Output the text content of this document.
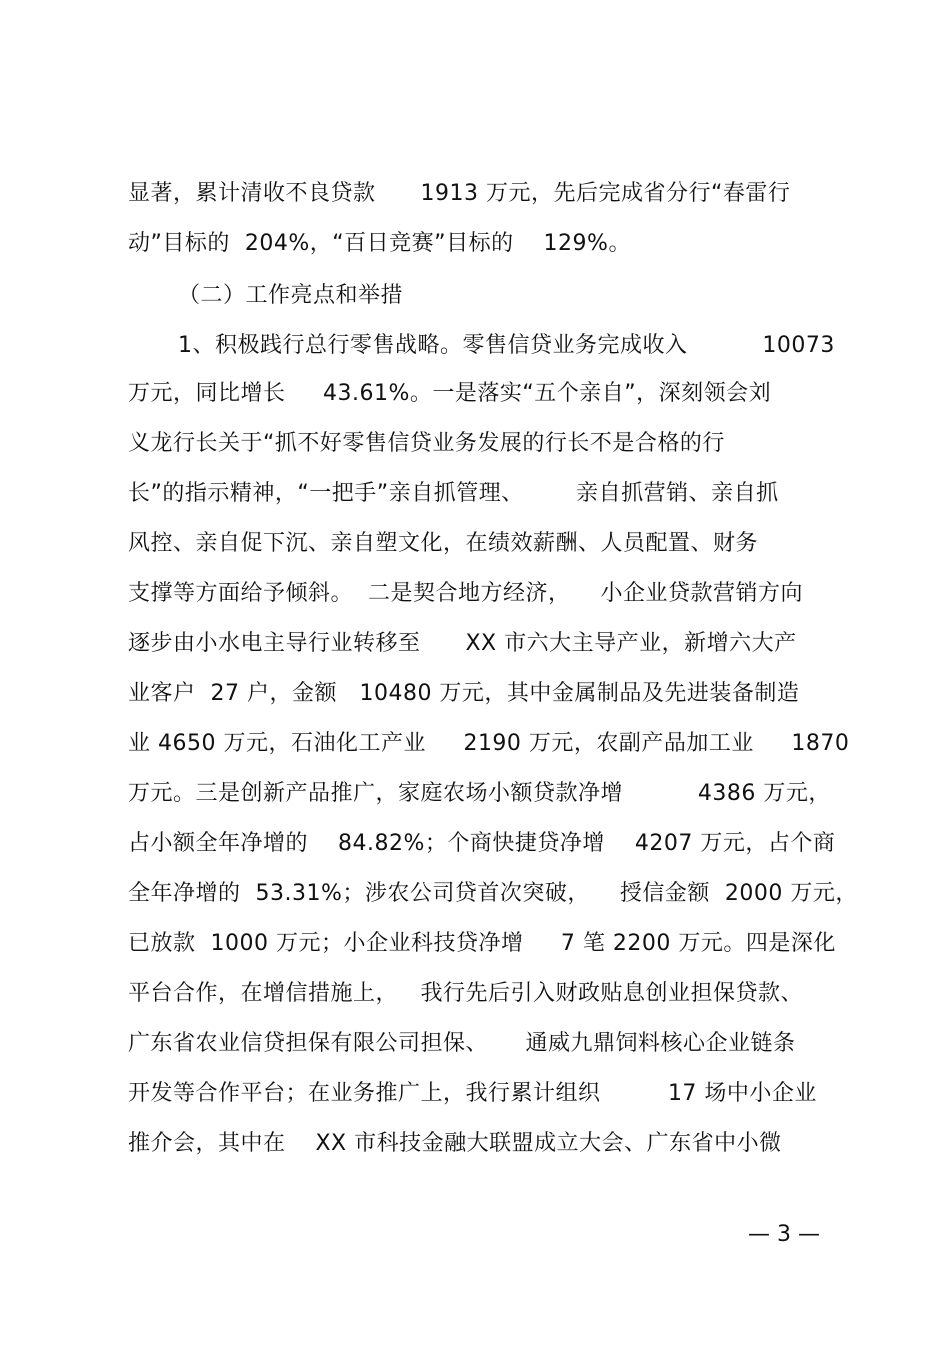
显著，累计清收不良贷款      1913 万元，先后完成省分行“春雷行
动”目标的  204%，“百日竞赛”目标的    129%。
（二）工作亮点和举措
1、积极践行总行零售战略。零售信贷业务完成收入          10073
万元，同比增长     43.61%。一是落实“五个亲自”，深刻领会刘
义龙行长关于“抓不好零售信贷业务发展的行长不是合格的行
长”的指示精神，“一把手”亲自抓管理、       亲自抓营销、亲自抓
风控、亲自促下沉、亲自塑文化，在绩效薪酬、人员配置、财务
支撑等方面给予倾斜。  二是契合地方经济，    小企业贷款营销方向
逐步由小水电主导行业转移至      XX 市六大主导产业，新增六大产
业客户  27 户，金额   10480 万元，其中金属制品及先进装备制造
业 4650 万元，石油化工产业     2190 万元，农副产品加工业     1870
万元。三是创新产品推广，家庭农场小额贷款净增          4386 万元，
占小额全年净增的    84.82%；个商快捷贷净增    4207 万元，占个商
全年净增的  53.31%；涉农公司贷首次突破，    授信金额  2000 万元，
已放款  1000 万元；小企业科技贷净增     7 笔 2200 万元。四是深化
平台合作，在增信措施上，   我行先后引入财政贴息创业担保贷款、
广东省农业信贷担保有限公司担保、     通威九鼎饲料核心企业链条
开发等合作平台；在业务推广上，我行累计组织         17 场中小企业
推介会，其中在    XX 市科技金融大联盟成立大会、广东省中小微
— 3 —
